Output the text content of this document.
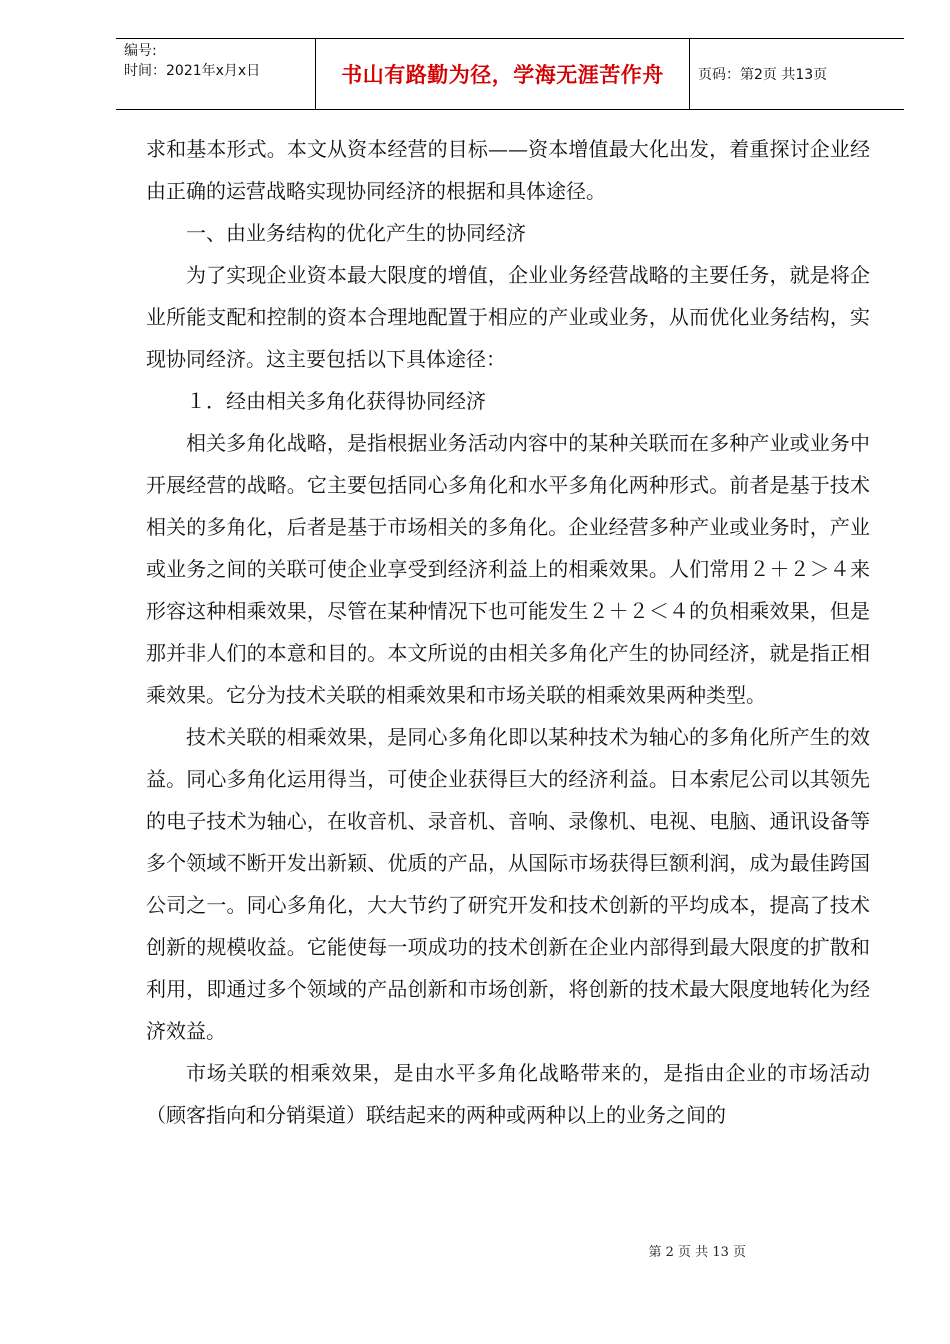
编号:
时间：2021年x月x日	书山有路勤为径，学海无涯苦作舟	页码：第2页 共13页

求和基本形式。本文从资本经营的目标——资本增值最大化出发，着重探讨企业经由正确的运营战略实现协同经济的根据和具体途径。

一、由业务结构的优化产生的协同经济

为了实现企业资本最大限度的增值，企业业务经营战略的主要任务，就是将企业所能支配和控制的资本合理地配置于相应的产业或业务，从而优化业务结构，实现协同经济。这主要包括以下具体途径：

１．经由相关多角化获得协同经济

相关多角化战略，是指根据业务活动内容中的某种关联而在多种产业或业务中开展经营的战略。它主要包括同心多角化和水平多角化两种形式。前者是基于技术相关的多角化，后者是基于市场相关的多角化。企业经营多种产业或业务时，产业或业务之间的关联可使企业享受到经济利益上的相乘效果。人们常用２＋２＞４来形容这种相乘效果，尽管在某种情况下也可能发生２＋２＜４的负相乘效果，但是那并非人们的本意和目的。本文所说的由相关多角化产生的协同经济，就是指正相乘效果。它分为技术关联的相乘效果和市场关联的相乘效果两种类型。

技术关联的相乘效果，是同心多角化即以某种技术为轴心的多角化所产生的效益。同心多角化运用得当，可使企业获得巨大的经济利益。日本索尼公司以其领先的电子技术为轴心，在收音机、录音机、音响、录像机、电视、电脑、通讯设备等多个领域不断开发出新颖、优质的产品，从国际市场获得巨额利润，成为最佳跨国公司之一。同心多角化，大大节约了研究开发和技术创新的平均成本，提高了技术创新的规模收益。它能使每一项成功的技术创新在企业内部得到最大限度的扩散和利用，即通过多个领域的产品创新和市场创新，将创新的技术最大限度地转化为经济效益。

市场关联的相乘效果，是由水平多角化战略带来的，是指由企业的市场活动（顾客指向和分销渠道）联结起来的两种或两种以上的业务之间的

第 2 页 共 13 页
